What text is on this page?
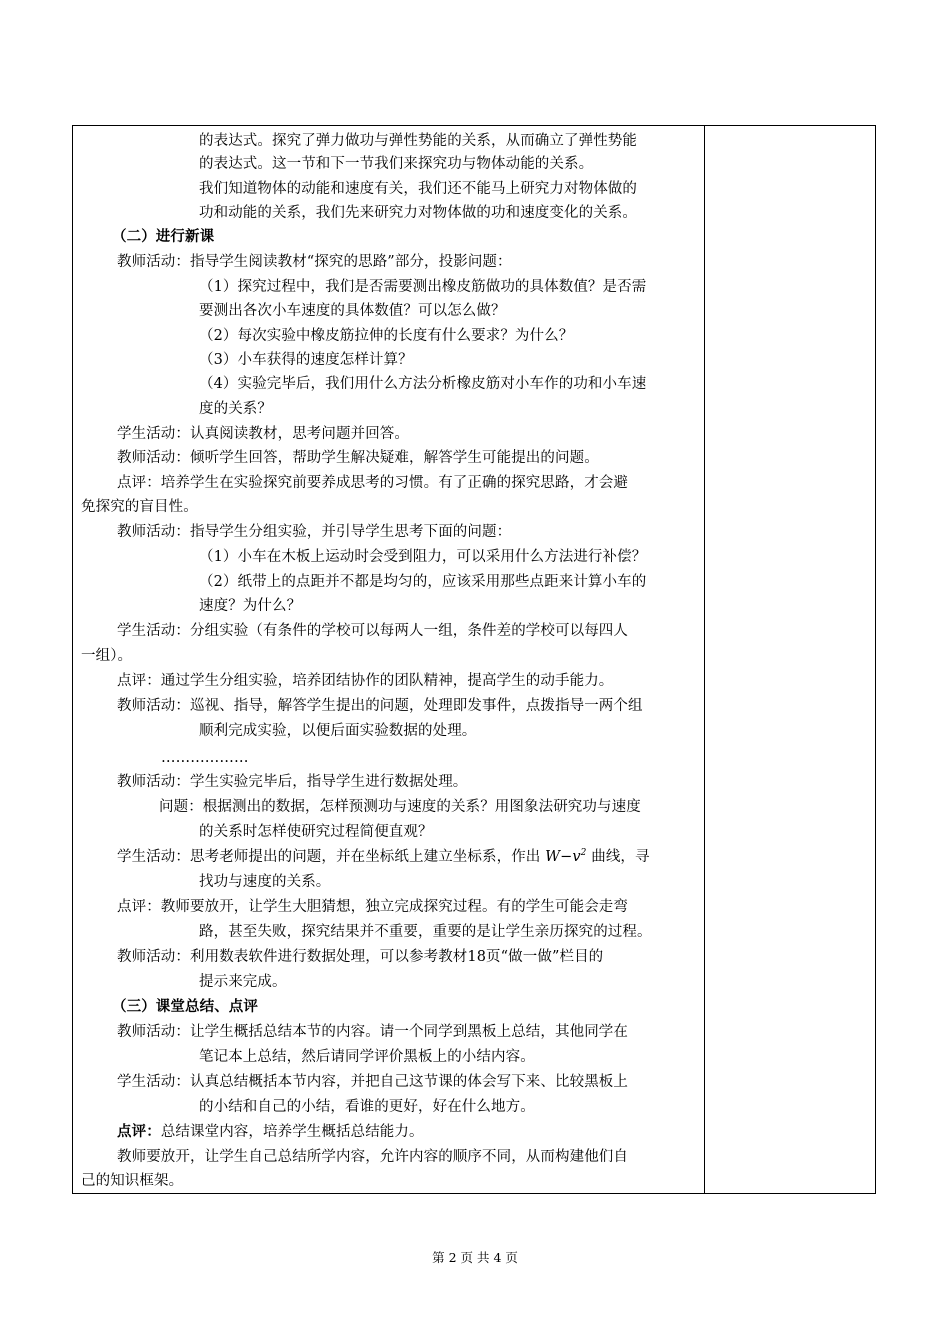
的表达式。探究了弹力做功与弹性势能的关系，从而确立了弹性势能
的表达式。这一节和下一节我们来探究功与物体动能的关系。
我们知道物体的动能和速度有关，我们还不能马上研究力对物体做的
功和动能的关系，我们先来研究力对物体做的功和速度变化的关系。
（二）进行新课
教师活动：指导学生阅读教材“探究的思路”部分，投影问题：
（1）探究过程中，我们是否需要测出橡皮筋做功的具体数值？是否需
要测出各次小车速度的具体数值？可以怎么做？
（2）每次实验中橡皮筋拉伸的长度有什么要求？为什么？
（3）小车获得的速度怎样计算？
（4）实验完毕后，我们用什么方法分析橡皮筋对小车作的功和小车速
度的关系？
学生活动：认真阅读教材，思考问题并回答。
教师活动：倾听学生回答，帮助学生解决疑难，解答学生可能提出的问题。
点评：培养学生在实验探究前要养成思考的习惯。有了正确的探究思路，才会避
免探究的盲目性。
教师活动：指导学生分组实验，并引导学生思考下面的问题：
（1）小车在木板上运动时会受到阻力，可以采用什么方法进行补偿？
（2）纸带上的点距并不都是均匀的，应该采用那些点距来计算小车的
速度？为什么？
学生活动：分组实验（有条件的学校可以每两人一组，条件差的学校可以每四人
一组）。
点评：通过学生分组实验，培养团结协作的团队精神，提高学生的动手能力。
教师活动：巡视、指导，解答学生提出的问题，处理即发事件，点拨指导一两个组
顺利完成实验，以便后面实验数据的处理。
………………
教师活动：学生实验完毕后，指导学生进行数据处理。
问题：根据测出的数据，怎样预测功与速度的关系？用图象法研究功与速度
的关系时怎样使研究过程简便直观？
学生活动：思考老师提出的问题，并在坐标纸上建立坐标系，作出 $W-v^2$ 曲线，寻
找功与速度的关系。
点评：教师要放开，让学生大胆猜想，独立完成探究过程。有的学生可能会走弯
路，甚至失败，探究结果并不重要，重要的是让学生亲历探究的过程。
教师活动：利用数表软件进行数据处理，可以参考教材18页“做一做”栏目的
提示来完成。
（三）课堂总结、点评
教师活动：让学生概括总结本节的内容。请一个同学到黑板上总结，其他同学在
笔记本上总结，然后请同学评价黑板上的小结内容。
学生活动：认真总结概括本节内容，并把自己这节课的体会写下来、比较黑板上
的小结和自己的小结，看谁的更好，好在什么地方。
点评：总结课堂内容，培养学生概括总结能力。
教师要放开，让学生自己总结所学内容，允许内容的顺序不同，从而构建他们自
己的知识框架。
第 2 页 共 4 页
